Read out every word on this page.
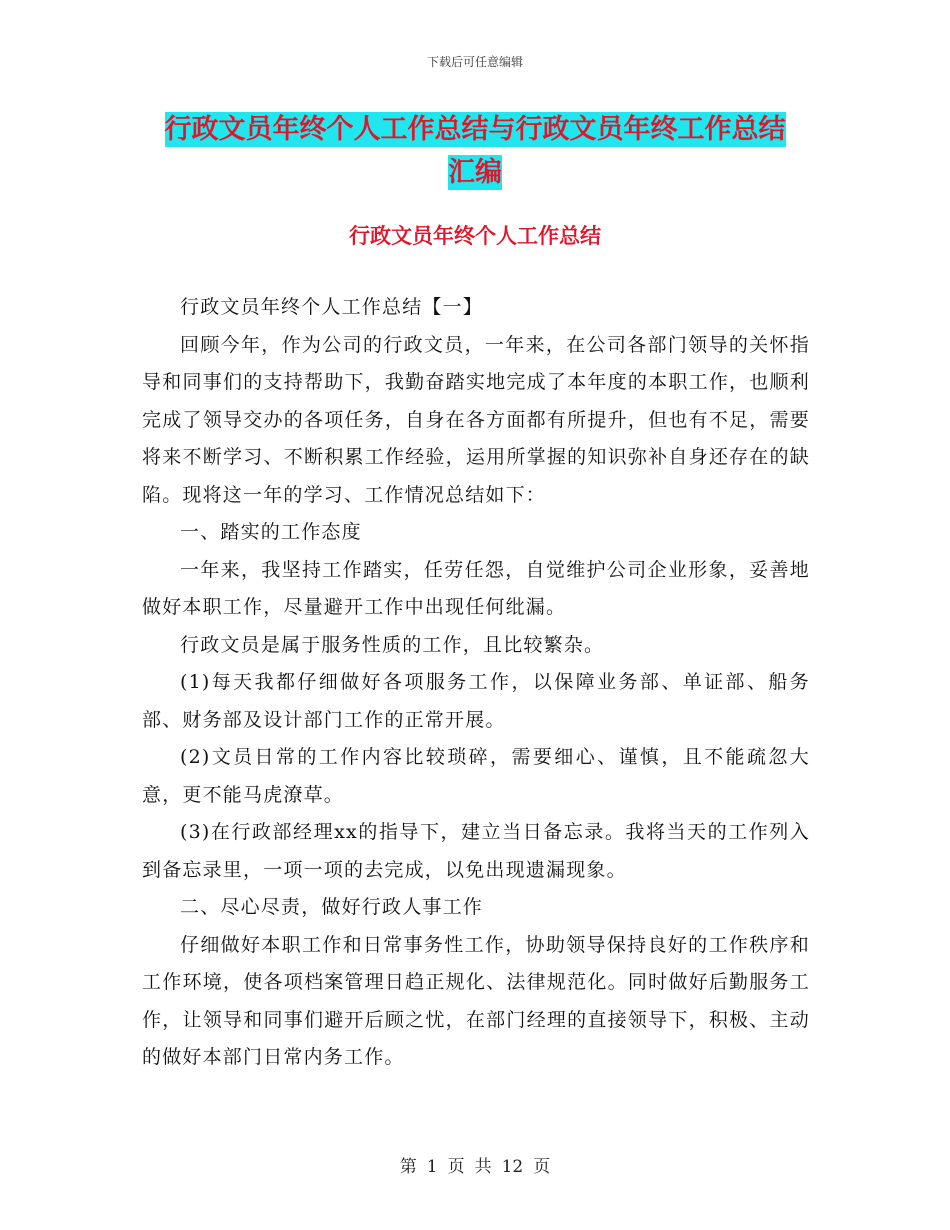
下载后可任意编辑
行政文员年终个人工作总结与行政文员年终工作总结
汇编
行政文员年终个人工作总结

行政文员年终个人工作总结【一】

回顾今年，作为公司的行政文员，一年来，在公司各部门领导的关怀指导和同事们的支持帮助下，我勤奋踏实地完成了本年度的本职工作，也顺利完成了领导交办的各项任务，自身在各方面都有所提升，但也有不足，需要将来不断学习、不断积累工作经验，运用所掌握的知识弥补自身还存在的缺陷。现将这一年的学习、工作情况总结如下：

一、踏实的工作态度

一年来，我坚持工作踏实，任劳任怨，自觉维护公司企业形象，妥善地做好本职工作，尽量避开工作中出现任何纰漏。

行政文员是属于服务性质的工作，且比较繁杂。

(1)每天我都仔细做好各项服务工作，以保障业务部、单证部、船务部、财务部及设计部门工作的正常开展。

(2)文员日常的工作内容比较琐碎，需要细心、谨慎，且不能疏忽大意，更不能马虎潦草。

(3)在行政部经理xx的指导下，建立当日备忘录。我将当天的工作列入到备忘录里，一项一项的去完成，以免出现遗漏现象。

二、尽心尽责，做好行政人事工作

仔细做好本职工作和日常事务性工作，协助领导保持良好的工作秩序和工作环境，使各项档案管理日趋正规化、法律规范化。同时做好后勤服务工作，让领导和同事们避开后顾之忧，在部门经理的直接领导下，积极、主动的做好本部门日常内务工作。

第 1 页 共 12 页
